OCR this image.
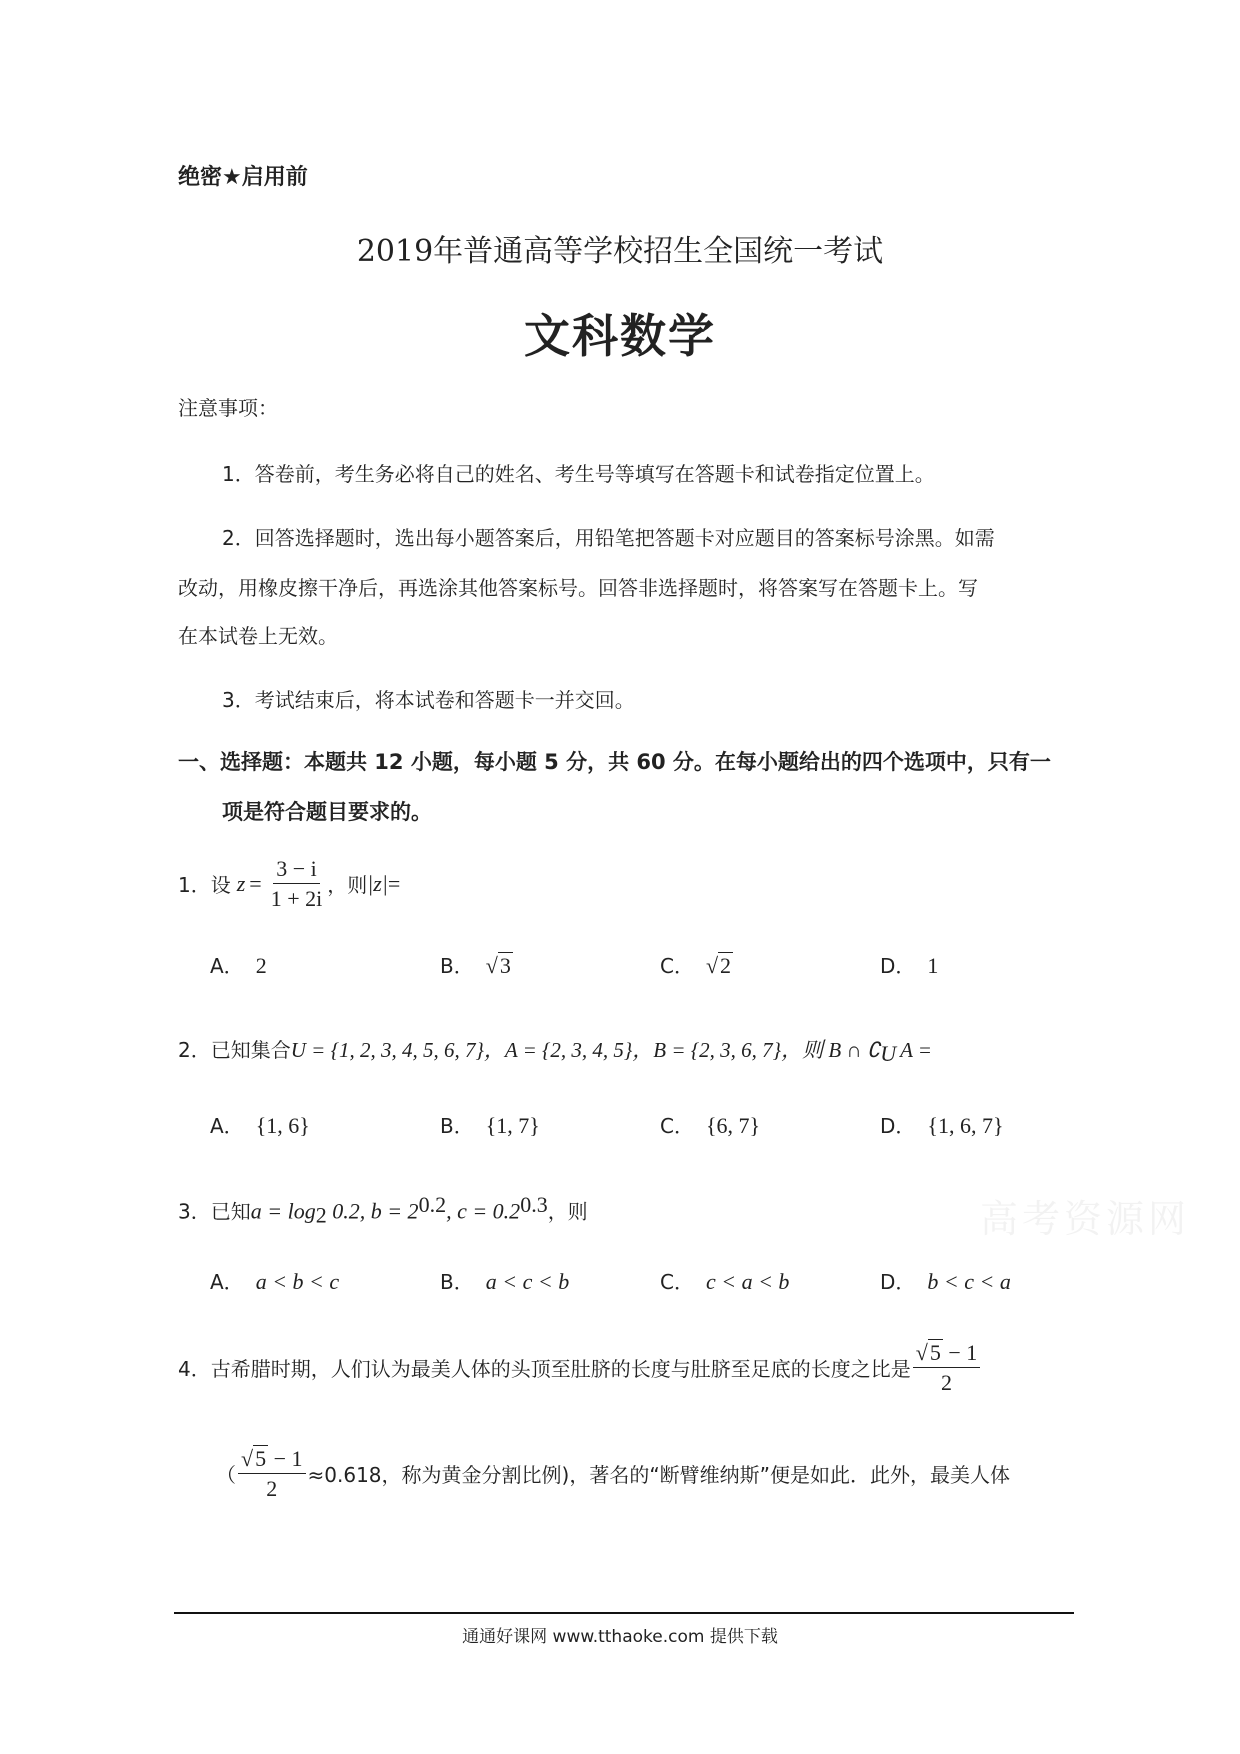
绝密★启用前
2019年普通高等学校招生全国统一考试
文科数学
注意事项：
1．答卷前，考生务必将自己的姓名、考生号等填写在答题卡和试卷指定位置上。
2．回答选择题时，选出每小题答案后，用铅笔把答题卡对应题目的答案标号涂黑。如需
改动，用橡皮擦干净后，再选涂其他答案标号。回答非选择题时，将答案写在答题卡上。写
在本试卷上无效。
3．考试结束后，将本试卷和答题卡一并交回。
一、选择题：本题共 12 小题，每小题 5 分，共 60 分。在每小题给出的四个选项中，只有一
项是符合题目要求的。
1．设 $z = \frac{3 - i}{1 + 2i}$ ，则 |z| =
A． 2	B． √3	C． √2	D． 1
2．已知集合U = {1, 2, 3, 4, 5, 6, 7}，A = {2, 3, 4, 5}，B = {2, 3, 6, 7}，则 B ∩ $∁_U$ A =
A． {1, 6}	B． {1, 7}	C． {6, 7}	D． {1, 6, 7}
3．已知$a = \log_2 0.2$, $b = 2^{0.2}$, $c = 0.2^{0.3}$，则
A． a < b < c	B． a < c < b	C． c < a < b	D． b < c < a
4．古希腊时期，人们认为最美人体的头顶至肚脐的长度与肚脐至足底的长度之比是 $\frac{√5 - 1}{2}$
（ $\frac{√5 - 1}{2} \approx 0.618$，称为黄金分割比例)，著名的“断臂维纳斯”便是如此．此外，最美人体
高考资源网
通通好课网 www.tthaoke.com 提供下载
